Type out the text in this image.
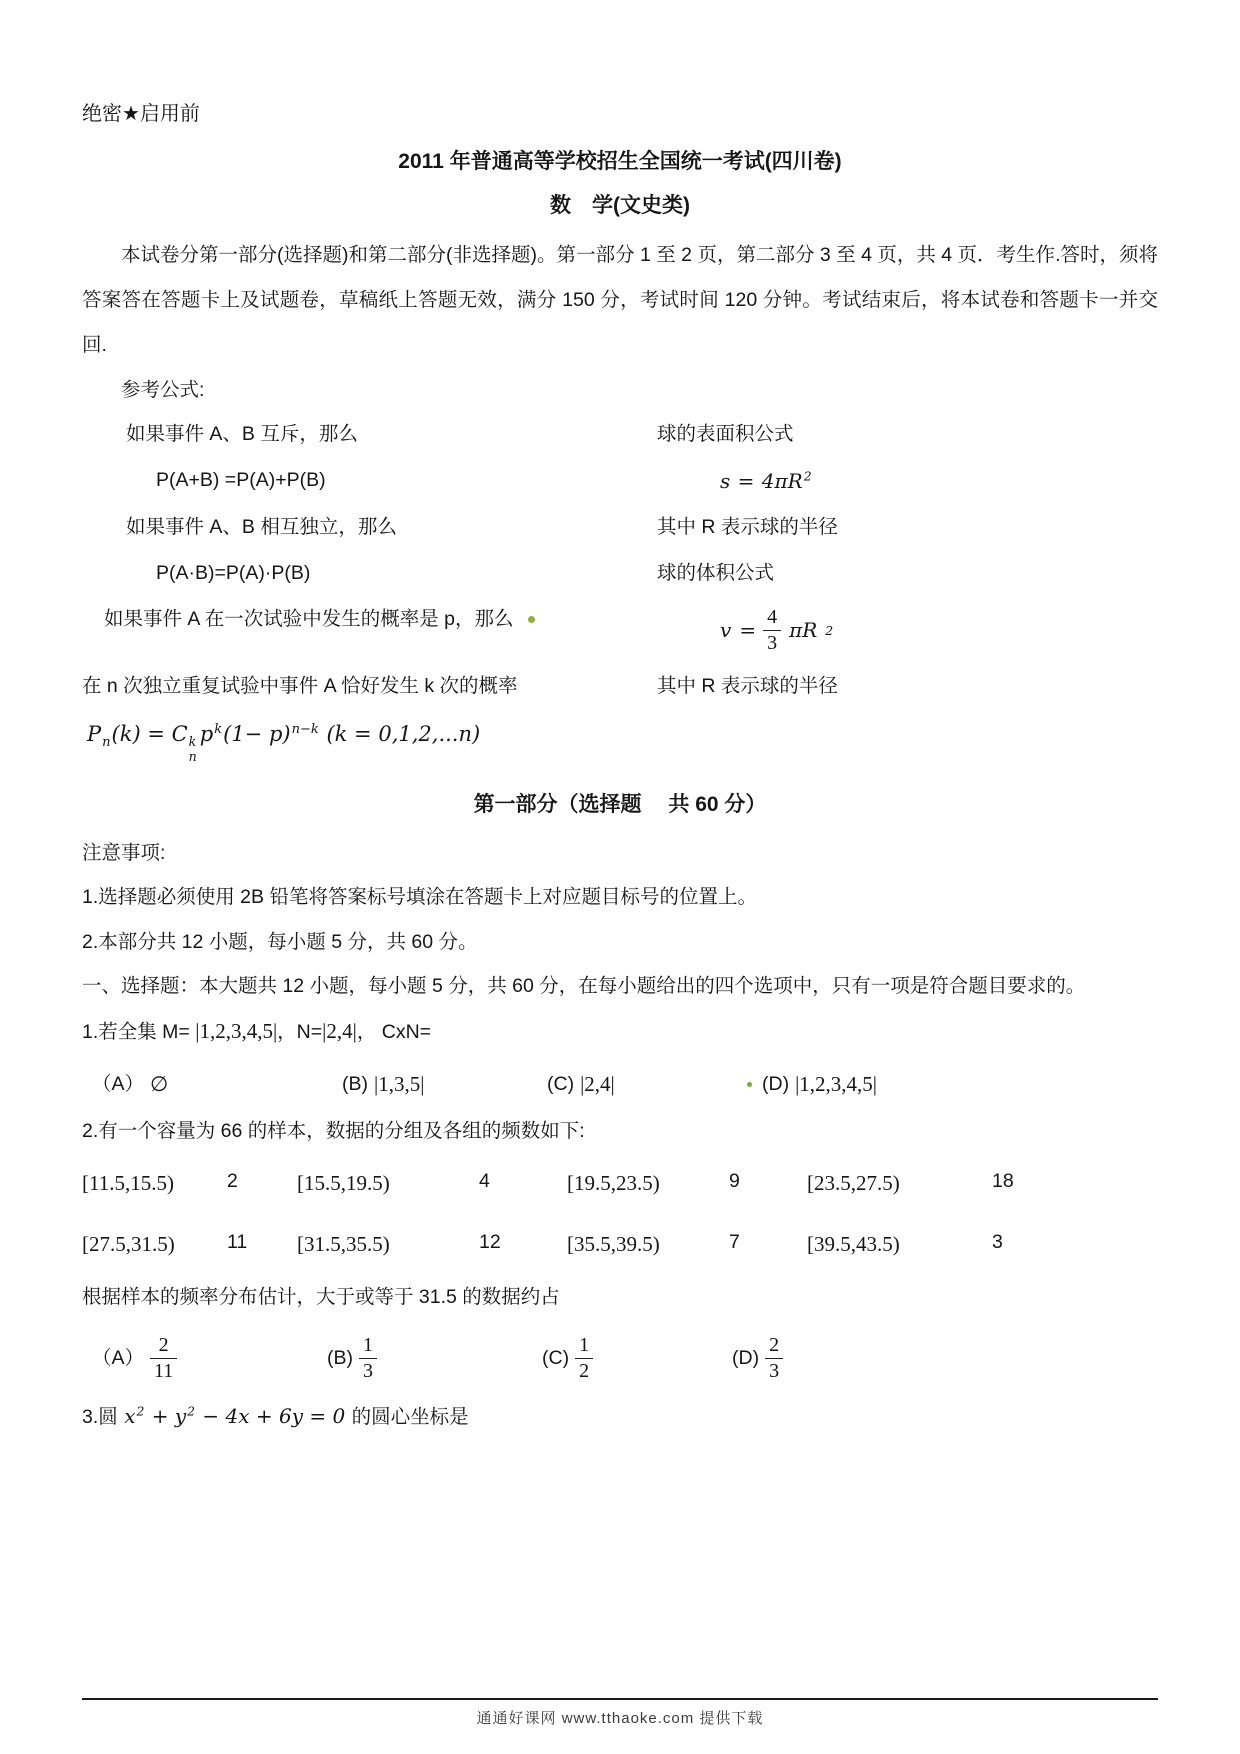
绝密★启用前
2011 年普通高等学校招生全国统一考试(四川卷)
数　学(文史类)
本试卷分第一部分(选择题)和第二部分(非选择题)。第一部分 1 至 2 页，第二部分 3 至 4 页，共 4 页．考生作.答时，须将答案答在答题卡上及试题卷，草稿纸上答题无效，满分 150 分，考试时间 120 分钟。考试结束后，将本试卷和答题卡一并交回.
参考公式:
如果事件 A、B 互斥，那么	球的表面积公式
P(A+B) =P(A)+P(B)	$s = 4\pi R^2$
如果事件 A、B 相互独立，那么	其中 R 表示球的半径
P(A·B)=P(A)·P(B)	球的体积公式
如果事件 A 在一次试验中发生的概率是 p，那么	$v = \frac{4}{3}$ πR 2
在 n 次独立重复试验中事件 A 恰好发生 k 次的概率	其中 R 表示球的半径
$P_n(k) = C$ k
n
$p^k(1- p)^{n-k}$ (k = 0,1,2,...n)
第一部分（选择题　 共 60 分）
注意事项:
1.选择题必须使用 2B 铅笔将答案标号填涂在答题卡上对应题目标号的位置上。
2.本部分共 12 小题，每小题 5 分，共 60 分。
一、选择题：本大题共 12 小题，每小题 5 分，共 60 分，在每小题给出的四个选项中，只有一项是符合题目要求的。
1.若全集 M= |1,2,3,4,5|，N=|2,4|， CxN=
（A） ∅	(B) |1,3,5|	(C) |2,4|	(D) |1,2,3,4,5|
2.有一个容量为 66 的样本，数据的分组及各组的频数如下:
[11.5,15.5)	2	[15.5,19.5)	4	[19.5,23.5)	9	[23.5,27.5)	18
[27.5,31.5)	11	[31.5,35.5)	12	[35.5,39.5)	7	[39.5,43.5)	3
根据样本的频率分布估计，大于或等于 31.5 的数据约占
$(A) \frac{2}{11}$	$(B) \frac{1}{3}$	$(C) \frac{1}{2}$	$(D) \frac{2}{3}$
3.圆 $x^2 + y^2 - 4x + 6y = 0$ 的圆心坐标是
通通好课网 www.tthaoke.com 提供下载
